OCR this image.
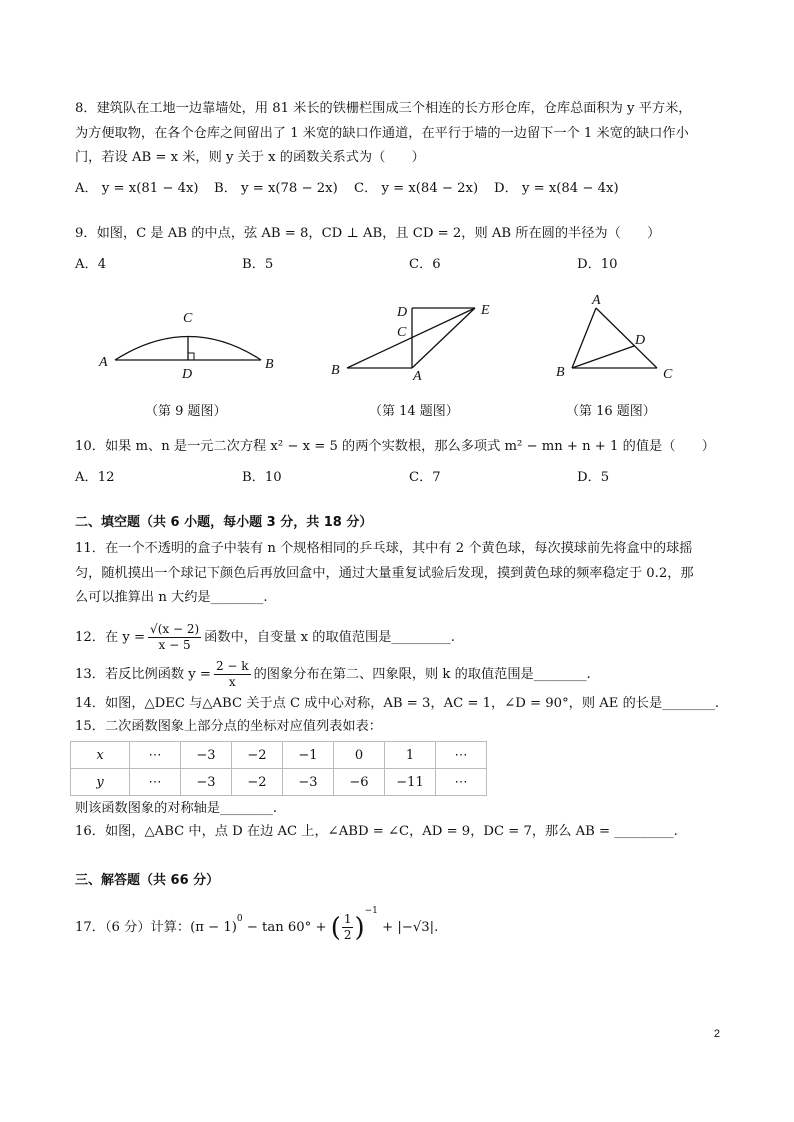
8．建筑队在工地一边靠墙处，用 81 米长的铁栅栏围成三个相连的长方形仓库，仓库总面积为 y 平方米，
为方便取物，在各个仓库之间留出了 1 米宽的缺口作通道，在平行于墙的一边留下一个 1 米宽的缺口作小
门，若设 AB = x 米，则 y 关于 x 的函数关系式为（　　）
A． y = x(81 − 4x) B． y = x(78 − 2x) C． y = x(84 − 2x) D． y = x(84 − 4x)
9．如图，C 是 AB 的中点，弦 AB = 8，CD ⊥ AB，且 CD = 2，则 AB 所在圆的半径为（　　）
A．4	B．5	C．6	D．10
A	B
C
D
D	E
C
B	A
A
B	C
D
（第 9 题图）	（第 14 题图）	（第 16 题图）
10．如果 m、n 是一元二次方程 x² − x = 5 的两个实数根，那么多项式 m² − mn + n + 1 的值是（　　）
A．12	B．10	C．7	D．5
二、填空题（共 6 小题，每小题 3 分，共 18 分）
11．在一个不透明的盒子中装有 n 个规格相同的乒乓球，其中有 2 个黄色球，每次摸球前先将盒中的球摇
匀，随机摸出一个球记下颜色后再放回盒中，通过大量重复试验后发现，摸到黄色球的频率稳定于 0.2，那
么可以推算出 n 大约是________.
12．在 $y = \frac{√(x - 2)}{x - 5}$ 函数中，自变量 x 的取值范围是_________.
13．若反比例函数 $y = \frac{2 - k}{x}$ 的图象分布在第二、四象限，则 k 的取值范围是________.
14．如图，△DEC 与△ABC 关于点 C 成中心对称，AB = 3，AC = 1，∠D = 90°，则 AE 的长是________.
15．二次函数图象上部分点的坐标对应值列表如表：
x	⋯	−3	−2	−1	0	1	⋯
y	⋯	−3	−2	−3	−6	−11	⋯
则该函数图象的对称轴是________.
16．如图，△ABC 中，点 D 在边 AC 上，∠ABD = ∠C，AD = 9，DC = 7，那么 AB = _________.
三、解答题（共 66 分）
17．（6 分）计算：(π − 1)
$^0$
− tan 60° + ( $\frac{1}{2}$ )
$^{-1}$
+ |−√3|.
2
